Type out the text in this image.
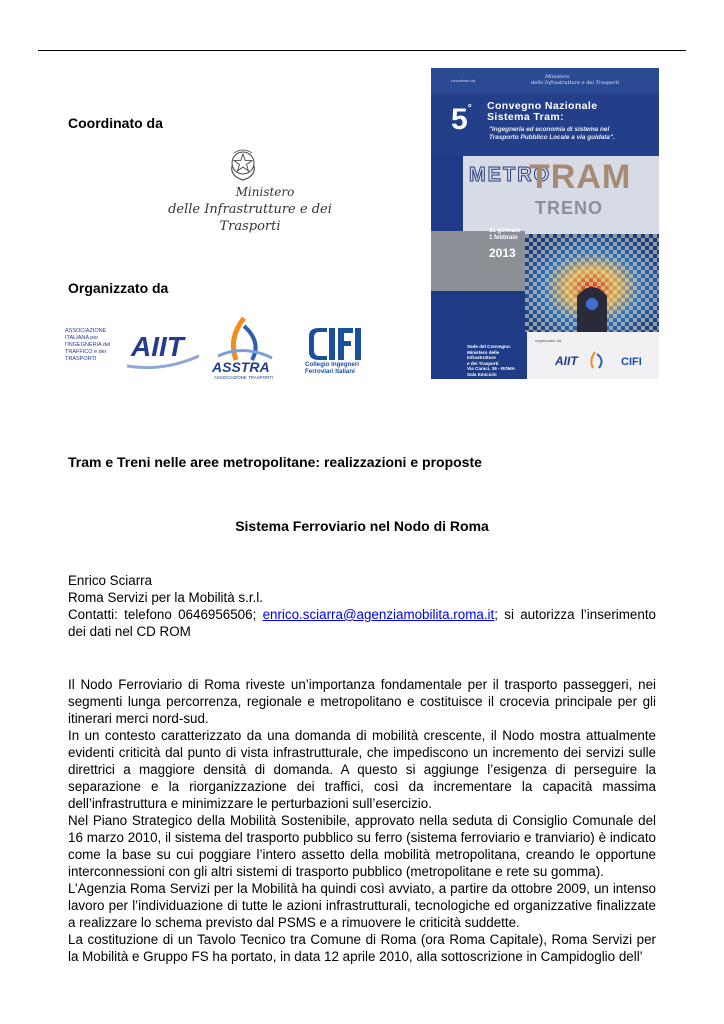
Coordinato da
Ministero
delle Infrastrutture e dei Trasporti
Organizzato da
ASSOCIAZIONE ITALIANA per l'INGEGNERIA del TRAFFICO e dei TRASPORTI	AIIT
ASSTRA
ASSOCIAZIONE TRASPORTI
CIFI
Collegio Ingegneri Ferroviari Italiani
coordinato da
Ministero
delle Infrastrutture e dei Trasporti
5° Convegno Nazionale
Sistema Tram:
"Ingegneria ed economia di sistema nel
Trasporto Pubblico Locale a via guidata".
METRO
TRAM
TRENO
31 gennaio
1 febbraio
2013
Sede del Convegno:
Ministero delle
Infrastrutture
e dei Trasporti
Via Caraci, 36 - ROMA
Sala Emiciclo
organizzato da
AIIT	CIFI
Tram e Treni nelle aree metropolitane: realizzazioni e proposte
Sistema Ferroviario nel Nodo di Roma

Enrico Sciarra

Roma Servizi per la Mobilità s.r.l.

Contatti: telefono 0646956506; enrico.sciarra@agenziamobilita.roma.it; si autorizza l’inserimento dei dati nel CD ROM

Il Nodo Ferroviario di Roma riveste un’importanza fondamentale per il trasporto passeggeri, nei segmenti lunga percorrenza, regionale e metropolitano e costituisce il crocevia principale per gli itinerari merci nord-sud.

In un contesto caratterizzato da una domanda di mobilità crescente, il Nodo mostra attualmente evidenti criticità dal punto di vista infrastrutturale, che impediscono un incremento dei servizi sulle direttrici a maggiore densità di domanda. A questo si aggiunge l’esigenza di perseguire la separazione e la riorganizzazione dei traffici, così da incrementare la capacità massima dell’infrastruttura e minimizzare le perturbazioni sull’esercizio.

Nel Piano Strategico della Mobilità Sostenibile, approvato nella seduta di Consiglio Comunale del 16 marzo 2010, il sistema del trasporto pubblico su ferro (sistema ferroviario e tranviario) è indicato come la base su cui poggiare l’intero assetto della mobilità metropolitana, creando le opportune interconnessioni con gli altri sistemi di trasporto pubblico (metropolitane e rete su gomma).

L’Agenzia Roma Servizi per la Mobilità ha quindi così avviato, a partire da ottobre 2009, un intenso lavoro per l’individuazione di tutte le azioni infrastrutturali, tecnologiche ed organizzative finalizzate a realizzare lo schema previsto dal PSMS e a rimuovere le criticità suddette.

La costituzione di un Tavolo Tecnico tra Comune di Roma (ora Roma Capitale), Roma Servizi per la Mobilità e Gruppo FS ha portato, in data 12 aprile 2010, alla sottoscrizione in Campidoglio dell’
